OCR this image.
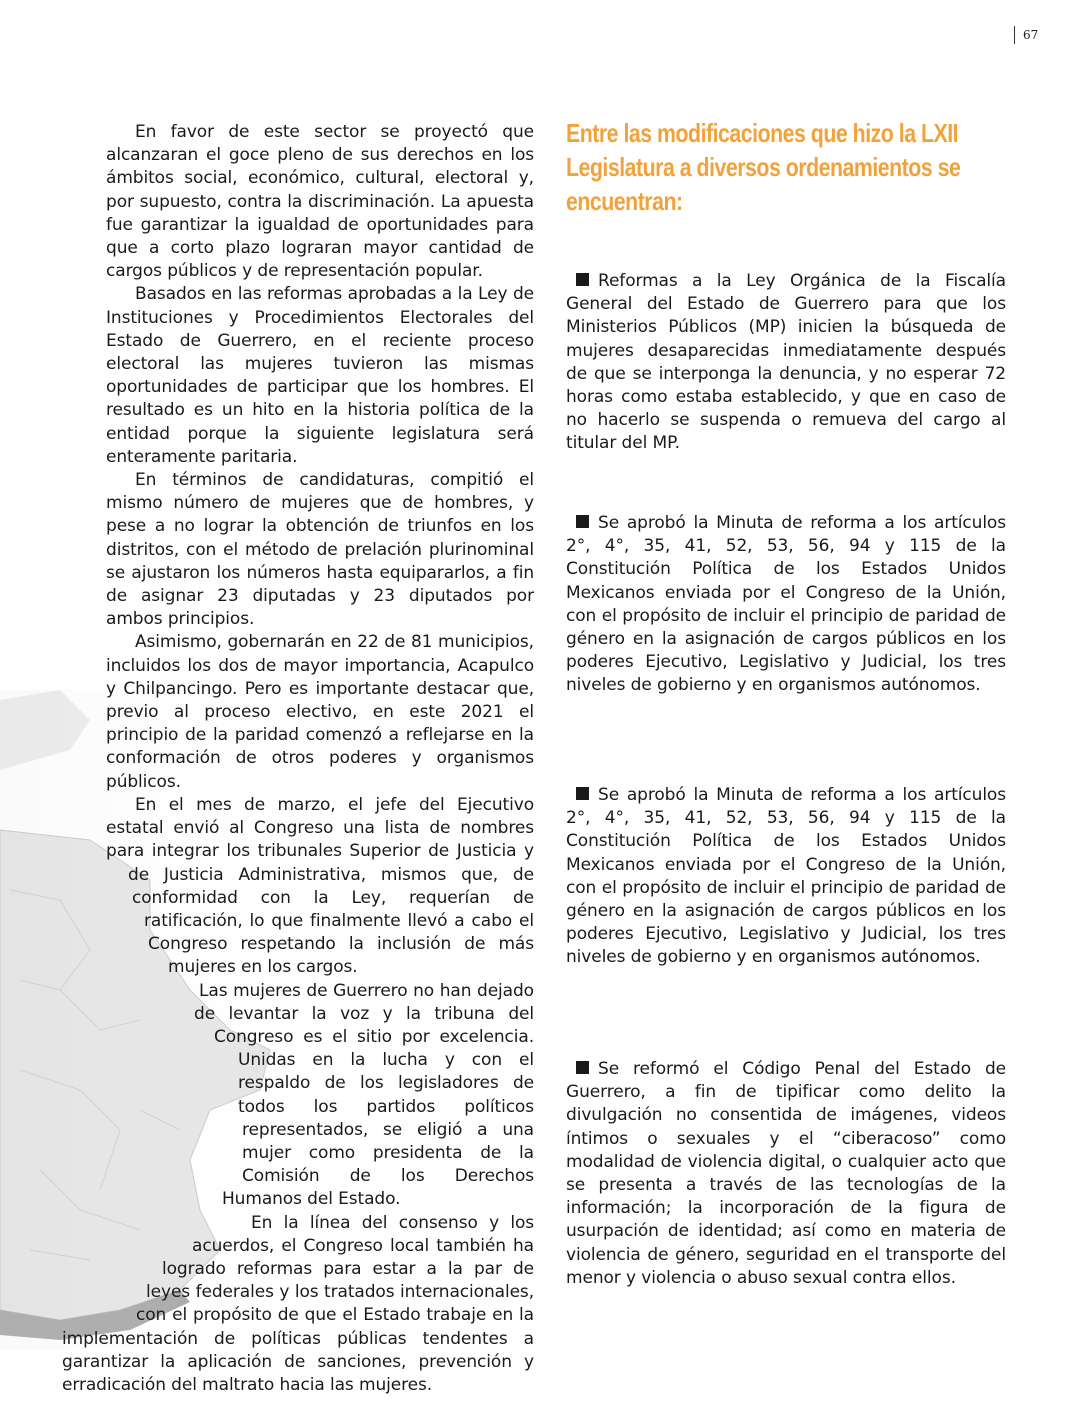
67

En favor de este sector se proyectó que alcanzaran el goce pleno de sus derechos en los ámbitos social, económico, cultural, electoral y, por supuesto, contra la discriminación. La apuesta fue garantizar la igualdad de oportunidades para que a corto plazo lograran mayor cantidad de cargos públicos y de representación popular.

Basados en las reformas aprobadas a la Ley de Instituciones y Procedimientos Electorales del Estado de Guerrero, en el reciente proceso electoral las mujeres tuvieron las mismas oportunidades de participar que los hombres. El resultado es un hito en la historia política de la entidad porque la siguiente legislatura será enteramente paritaria.

En términos de candidaturas, compitió el mismo número de mujeres que de hombres, y pese a no lograr la obtención de triunfos en los distritos, con el método de prelación plurinominal se ajustaron los números hasta equipararlos, a fin de asignar 23 diputadas y 23 diputados por ambos principios.

Asimismo, gobernarán en 22 de 81 municipios, incluidos los dos de mayor importancia, Acapulco y Chilpancingo. Pero es importante destacar que, previo al proceso electivo, en este 2021 el principio de la paridad comenzó a reflejarse en la conformación de otros poderes y organismos públicos.

En el mes de marzo, el jefe del Ejecutivo estatal envió al Congreso una lista de nombres para integrar los tribunales Superior de Justicia y de Justicia Administrativa, mismos que, de conformidad con la Ley, requerían de ratificación, lo que finalmente llevó a cabo el Congreso respetando la inclusión de más mujeres en los cargos.

Las mujeres de Guerrero no han dejado de levantar la voz y la tribuna del Congreso es el sitio por excelencia. Unidas en la lucha y con el respaldo de los legisladores de todos los partidos políticos representados, se eligió a una mujer como presidenta de la Comisión de los Derechos Humanos del Estado.

En la línea del consenso y los acuerdos, el Congreso local también ha logrado reformas para estar a la par de leyes federales y los tratados internacionales, con el propósito de que el Estado trabaje en la implementación de políticas públicas tendentes a garantizar la aplicación de sanciones, prevención y erradicación del maltrato hacia las mujeres.

Entre las modificaciones que hizo la LXII Legislatura a diversos ordenamientos se encuentran:

Reformas a la Ley Orgánica de la Fiscalía General del Estado de Guerrero para que los Ministerios Públicos (MP) inicien la búsqueda de mujeres desaparecidas inmediatamente después de que se interponga la denuncia, y no esperar 72 horas como estaba establecido, y que en caso de no hacerlo se suspenda o remueva del cargo al titular del MP.

Se aprobó la Minuta de reforma a los artículos 2°, 4°, 35, 41, 52, 53, 56, 94 y 115 de la Constitución Política de los Estados Unidos Mexicanos enviada por el Congreso de la Unión, con el propósito de incluir el principio de paridad de género en la asignación de cargos públicos en los poderes Ejecutivo, Legislativo y Judicial, los tres niveles de gobierno y en organismos autónomos.

Se aprobó la Minuta de reforma a los artículos 2°, 4°, 35, 41, 52, 53, 56, 94 y 115 de la Constitución Política de los Estados Unidos Mexicanos enviada por el Congreso de la Unión, con el propósito de incluir el principio de paridad de género en la asignación de cargos públicos en los poderes Ejecutivo, Legislativo y Judicial, los tres niveles de gobierno y en organismos autónomos.

Se reformó el Código Penal del Estado de Guerrero, a fin de tipificar como delito la divulgación no consentida de imágenes, videos íntimos o sexuales y el “ciberacoso” como modalidad de violencia digital, o cualquier acto que se presenta a través de las tecnologías de la información; la incorporación de la figura de usurpación de identidad; así como en materia de violencia de género, seguridad en el transporte del menor y violencia o abuso sexual contra ellos.
